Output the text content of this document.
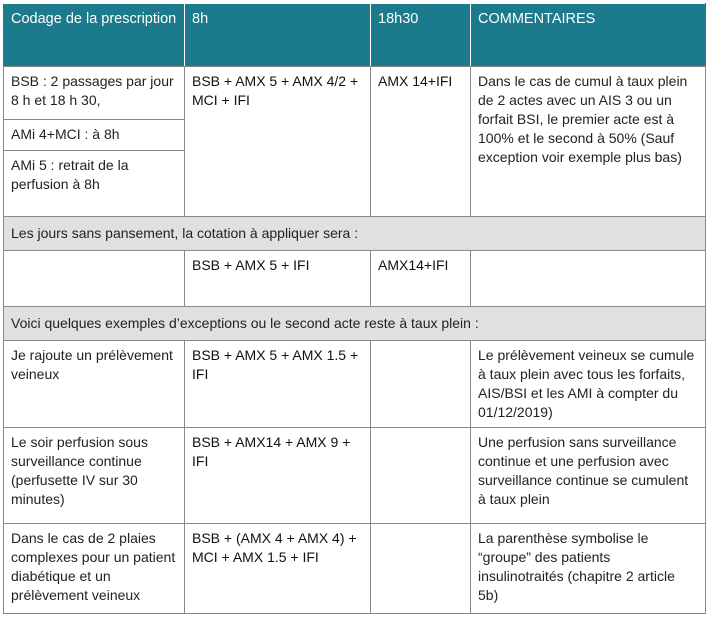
Codage de la prescription	8h	18h30	COMMENTAIRES

BSB : 2 passages par jour 8 h et 18 h 30,
AMi 4+MCI : à 8h
AMi 5 : retrait de la perfusion à 8h	BSB + AMX 5 + AMX 4/2 + MCI + IFI	AMX 14+IFI	Dans le cas de cumul à taux plein de 2 actes avec un AIS 3 ou un forfait BSI, le premier acte est à 100% et le second à 50% (Sauf exception voir exemple plus bas)
Les jours sans pansement, la cotation à appliquer sera :			
	BSB + AMX 5 + IFI	AMX14+IFI	
Voici quelques exemples d’exceptions ou le second acte reste à taux plein :			
Je rajoute un prélèvement veineux	BSB + AMX 5 + AMX 1.5 + IFI		Le prélèvement veineux se cumule à taux plein avec tous les forfaits, AIS/BSI et les AMI à compter du 01/12/2019)
Le soir perfusion sous surveillance continue (perfusette IV sur 30 minutes)	BSB + AMX14 + AMX 9 + IFI		Une perfusion sans surveillance continue et une perfusion avec surveillance continue se cumulent à taux plein
Dans le cas de 2 plaies complexes pour un patient diabétique et un prélèvement veineux	BSB + (AMX 4 + AMX 4) + MCI + AMX 1.5 + IFI		La parenthèse symbolise le “groupe” des patients insulinotraités (chapitre 2 article 5b)
